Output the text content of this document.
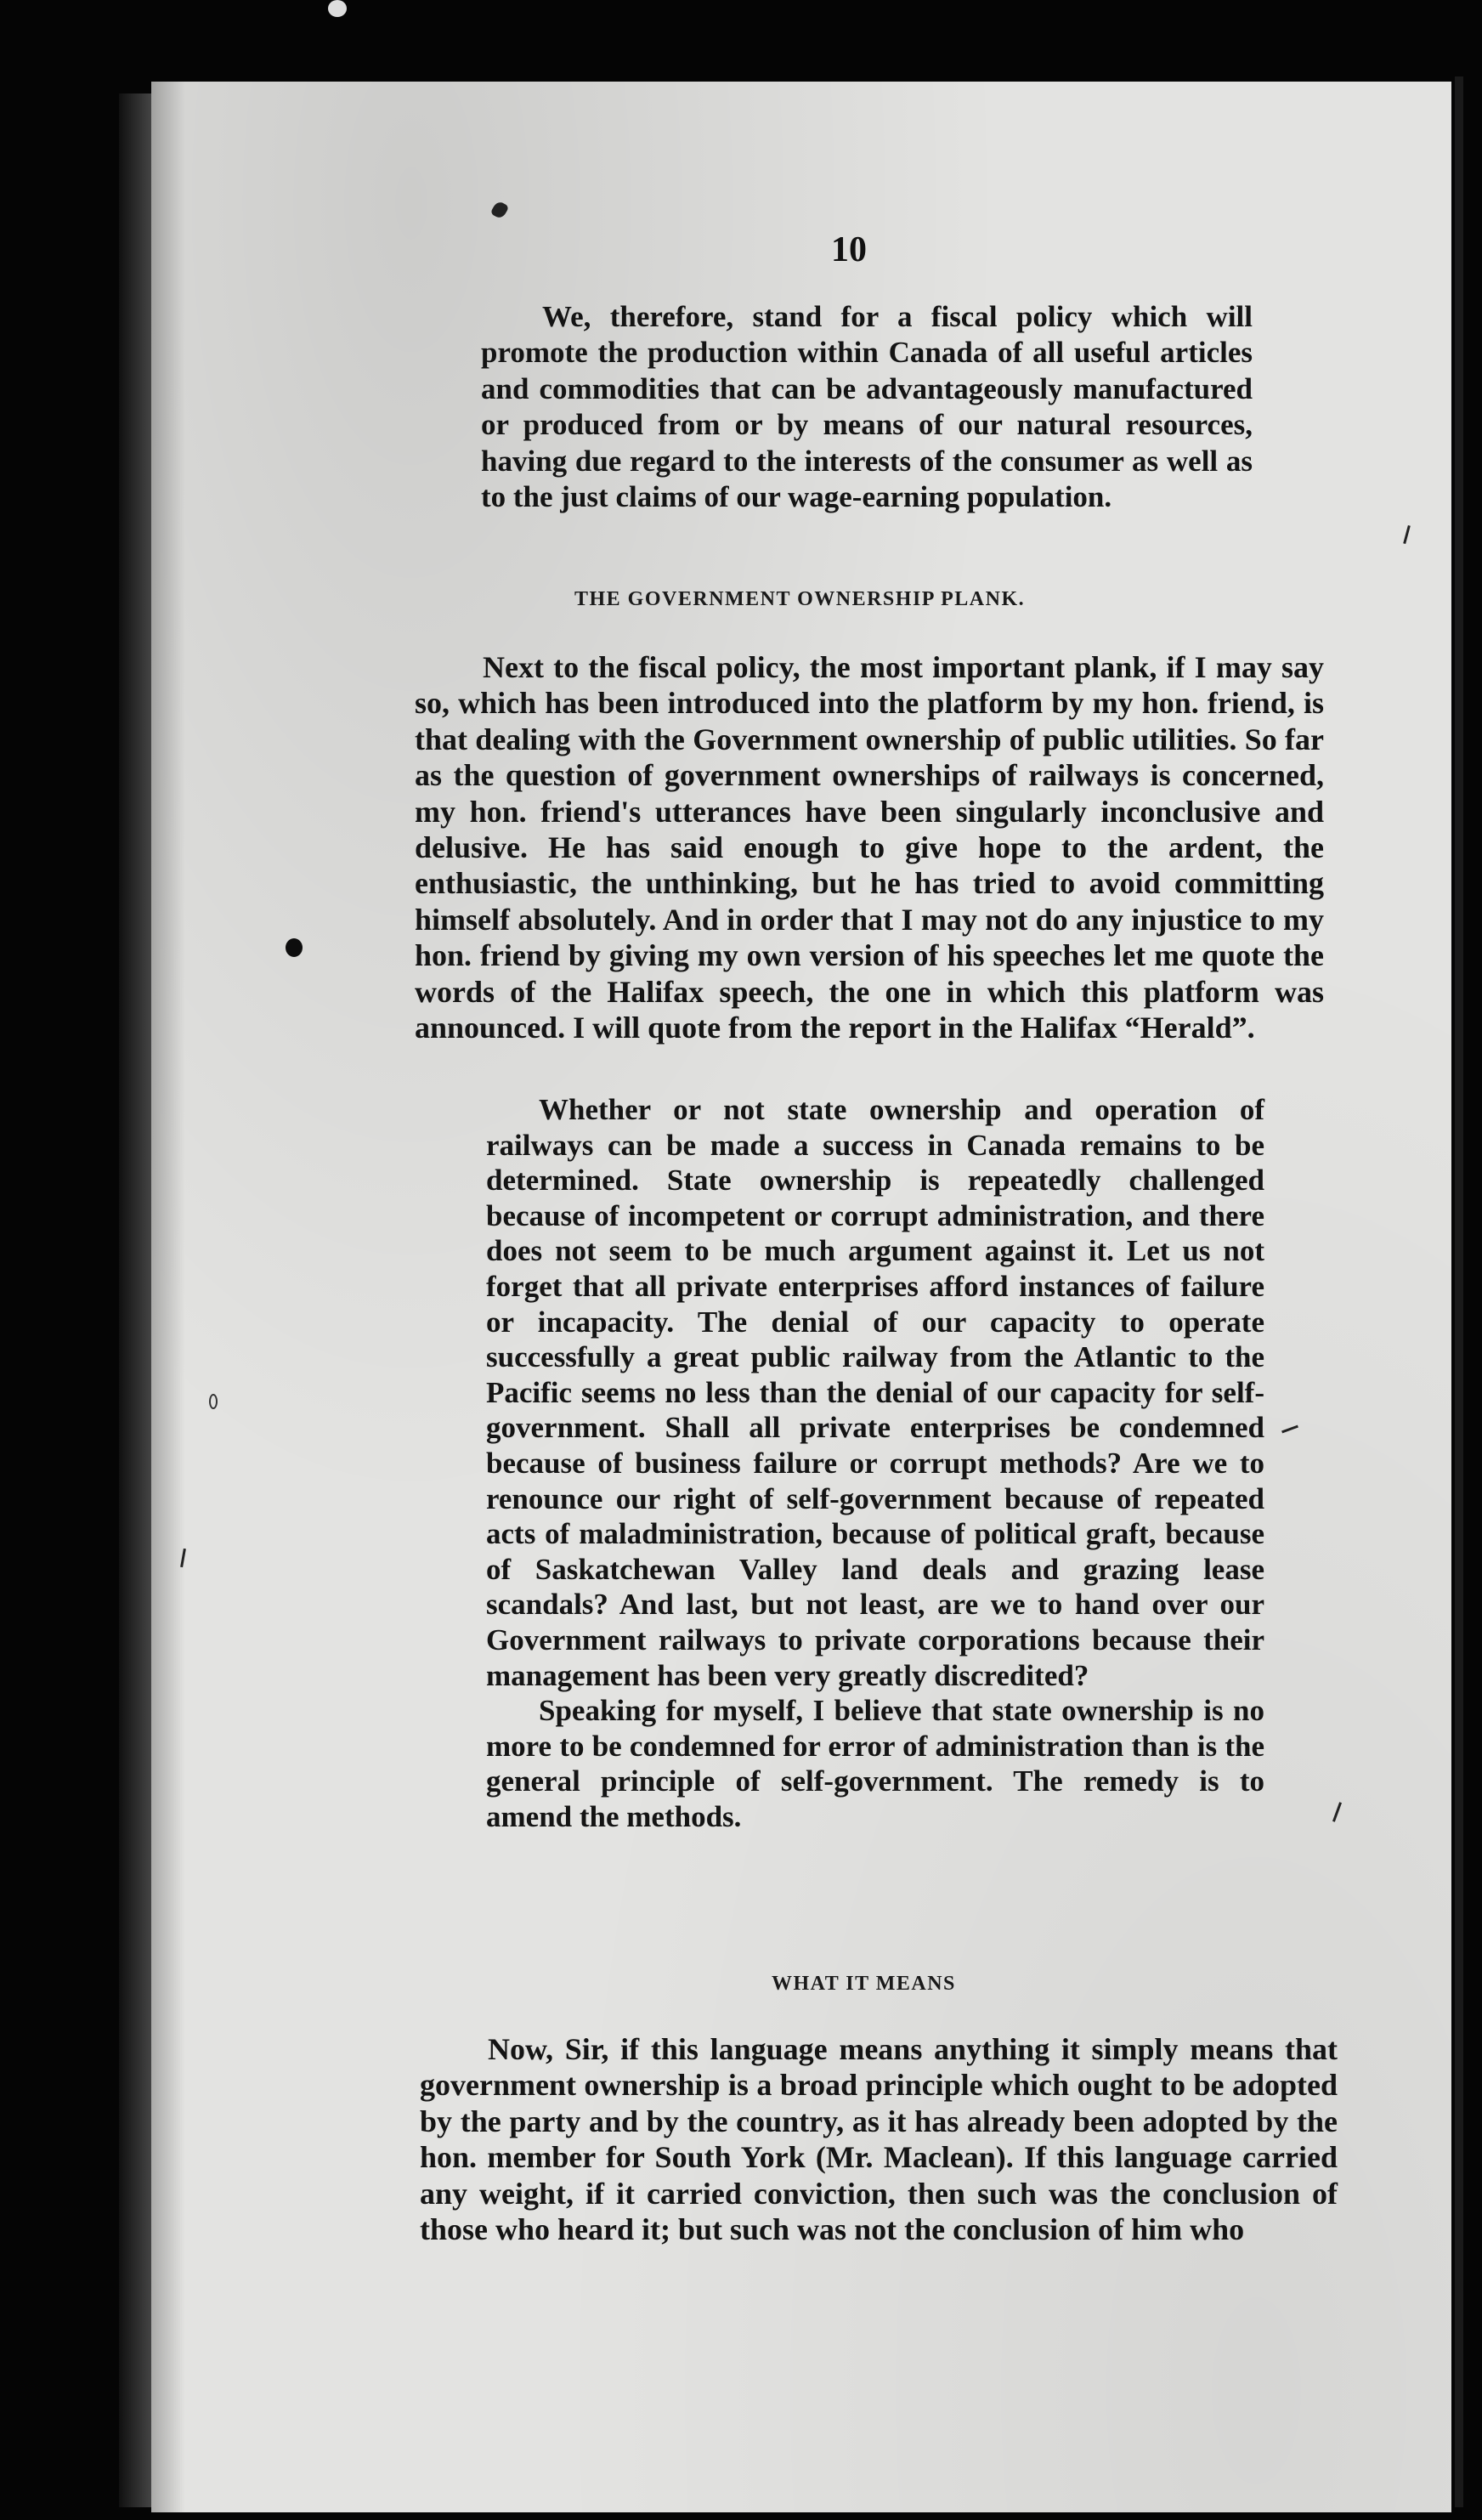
10

We, therefore, stand for a fiscal policy which will promote the production within Canada of all useful articles and commodities that can be advantageously manufactured or produced from or by means of our natural resources, having due regard to the interests of the consumer as well as to the just claims of our wage-earning population.

THE GOVERNMENT OWNERSHIP PLANK.

Next to the fiscal policy, the most important plank, if I may say so, which has been introduced into the platform by my hon. friend, is that dealing with the Government ownership of public utilities. So far as the question of government ownerships of railways is concerned, my hon. friend's utterances have been singularly inconclusive and delusive. He has said enough to give hope to the ardent, the enthusiastic, the unthinking, but he has tried to avoid committing himself absolutely. And in order that I may not do any injustice to my hon. friend by giving my own version of his speeches let me quote the words of the Halifax speech, the one in which this platform was announced. I will quote from the report in the Halifax “Herald”.

Whether or not state ownership and operation of railways can be made a success in Canada remains to be determined. State ownership is repeatedly challenged because of incompetent or corrupt administration, and there does not seem to be much argument against it. Let us not forget that all private enterprises afford instances of failure or incapacity. The denial of our capacity to operate successfully a great public railway from the Atlantic to the Pacific seems no less than the denial of our capacity for self-government. Shall all private enterprises be condemned because of business failure or corrupt methods? Are we to renounce our right of self-government because of repeated acts of maladministration, because of political graft, because of Saskatchewan Valley land deals and grazing lease scandals? And last, but not least, are we to hand over our Government railways to private corporations because their management has been very greatly discredited?

Speaking for myself, I believe that state ownership is no more to be condemned for error of administration than is the general principle of self-government. The remedy is to amend the methods.

WHAT IT MEANS

Now, Sir, if this language means anything it simply means that government ownership is a broad principle which ought to be adopted by the party and by the country, as it has already been adopted by the hon. member for South York (Mr. Maclean). If this language carried any weight, if it carried conviction, then such was the conclusion of those who heard it; but such was not the conclusion of him who
